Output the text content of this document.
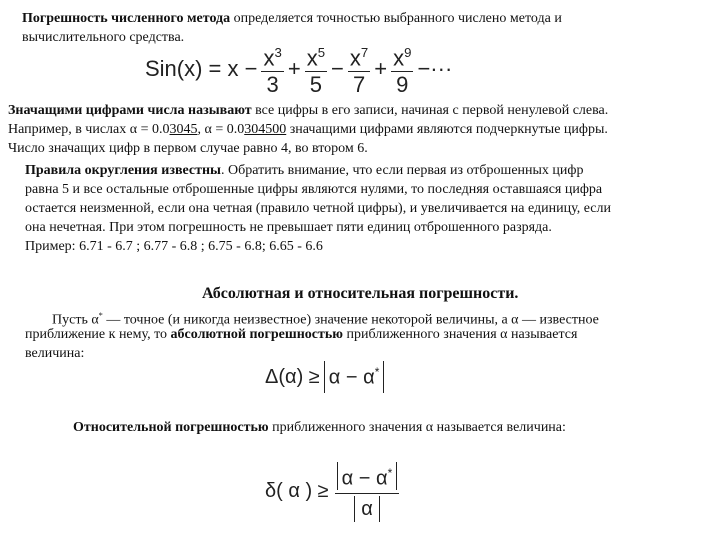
Погрешность численного метода определяется точностью выбранного числено метода и
вычислительного средства.
$Sin(x) = x - \frac{x^3}{3} + \frac{x^5}{5} - \frac{x^7}{7} + \frac{x^9}{9}$ −···
Значащими цифрами числа называют все цифры в его записи, начиная с первой ненулевой слева.
Например, в числах α = 0.03045, α = 0.0304500 значащими цифрами являются подчеркнутые цифры.
Число значащих цифр в первом случае равно 4, во втором 6.
Правила округления известны. Обратить внимание, что если первая из отброшенных цифр
равна 5 и все остальные отброшенные цифры являются нулями, то последняя оставшаяся цифра
остается неизменной, если она четная (правило четной цифры), и увеличивается на единицу, если
она нечетная. При этом погрешность не превышает пяти единиц отброшенного разряда.
Пример: 6.71 - 6.7 ; 6.77 - 6.8 ; 6.75 - 6.8; 6.65 - 6.6
Абсолютная и относительная погрешности.
Пусть α* — точное (и никогда неизвестное) значение некоторой величины, а α — известное
приближение к нему, то абсолютной погрешностью приближенного значения α называется
величина:
Δ(α) ≥ α − α*
Относительной погрешностью приближенного значения α называется величина:
δ( α ) ≥ $\frac{\alpha - \alpha^*}{\alpha}$
